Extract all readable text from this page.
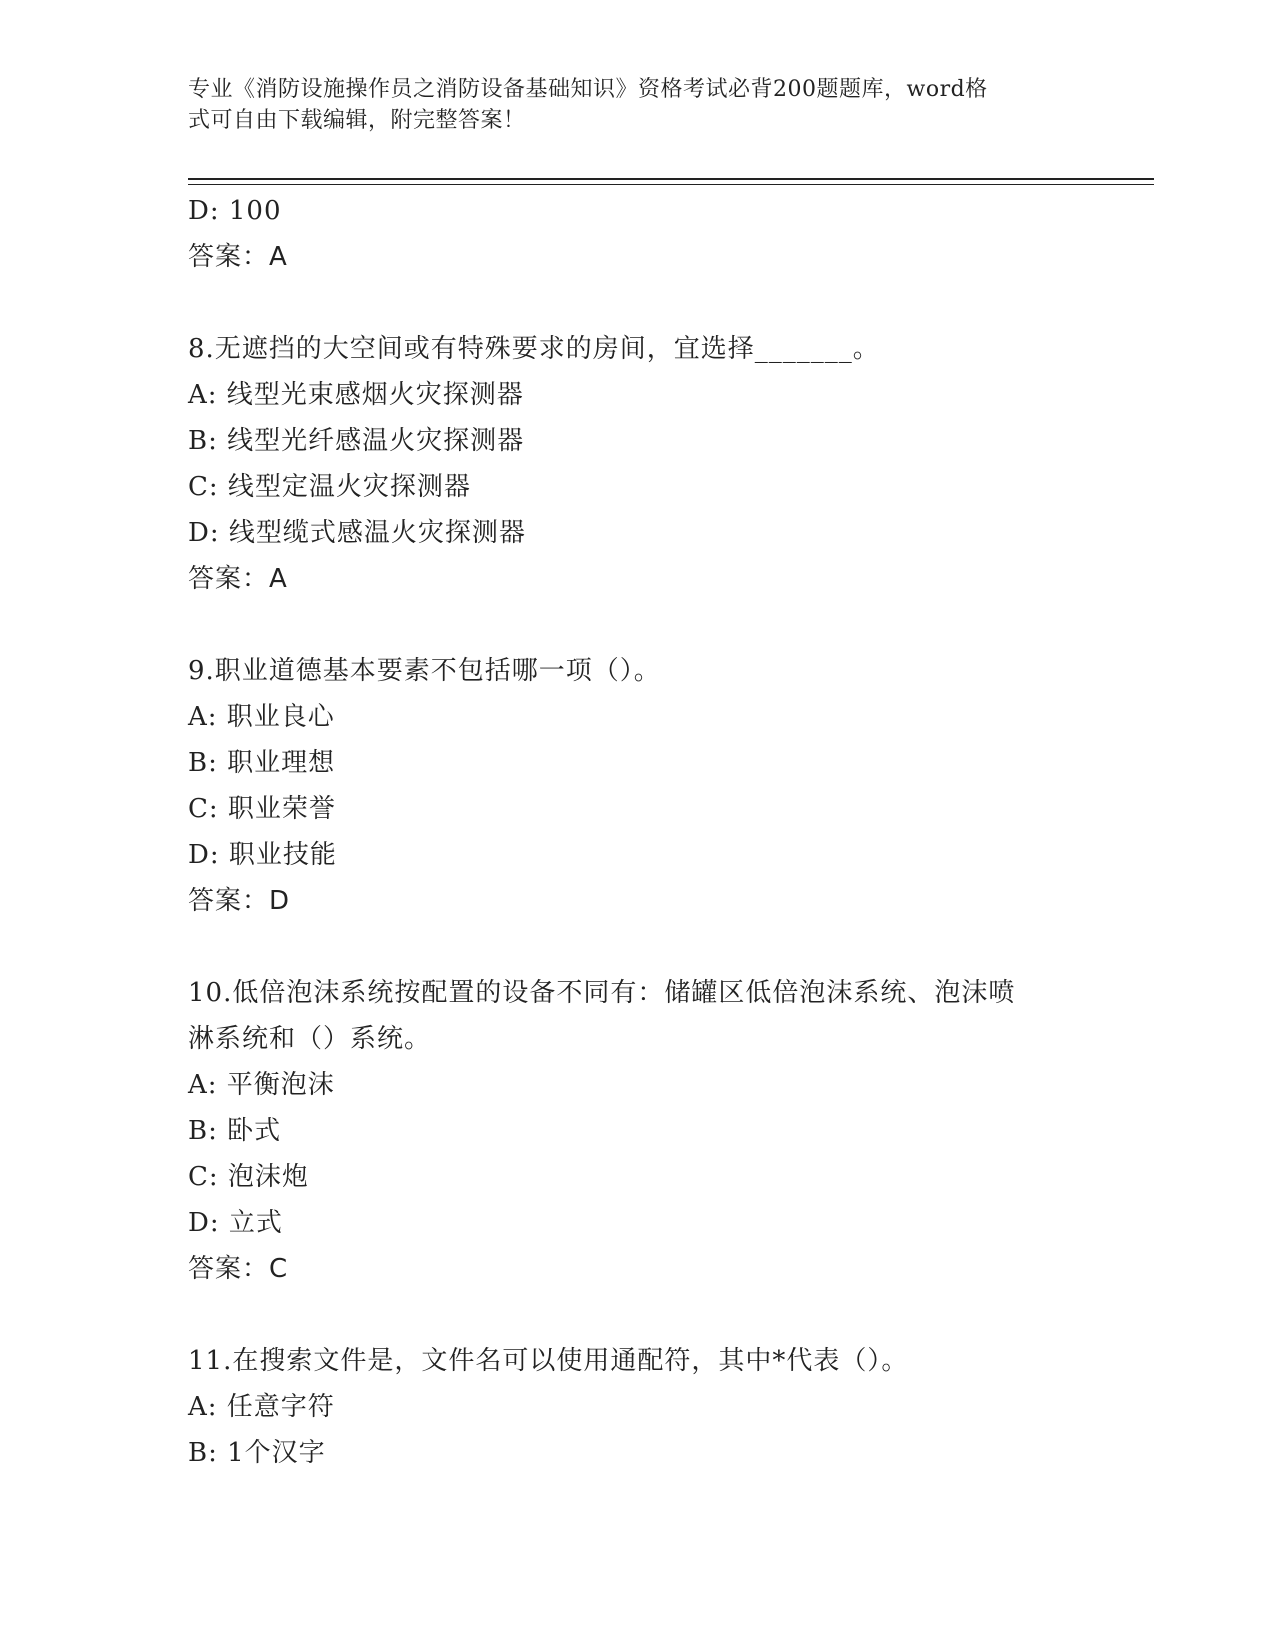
专业《消防设施操作员之消防设备基础知识》资格考试必背200题题库，word格
式可自由下载编辑，附完整答案！
D: 100
答案：A
8.无遮挡的大空间或有特殊要求的房间，宜选择_______。
A: 线型光束感烟火灾探测器
B: 线型光纤感温火灾探测器
C: 线型定温火灾探测器
D: 线型缆式感温火灾探测器
答案：A
9.职业道德基本要素不包括哪一项（）。
A: 职业良心
B: 职业理想
C: 职业荣誉
D: 职业技能
答案：D
10.低倍泡沫系统按配置的设备不同有：储罐区低倍泡沫系统、泡沫喷
淋系统和（）系统。
A: 平衡泡沫
B: 卧式
C: 泡沫炮
D: 立式
答案：C
11.在搜索文件是，文件名可以使用通配符，其中*代表（）。
A: 任意字符
B: 1个汉字
